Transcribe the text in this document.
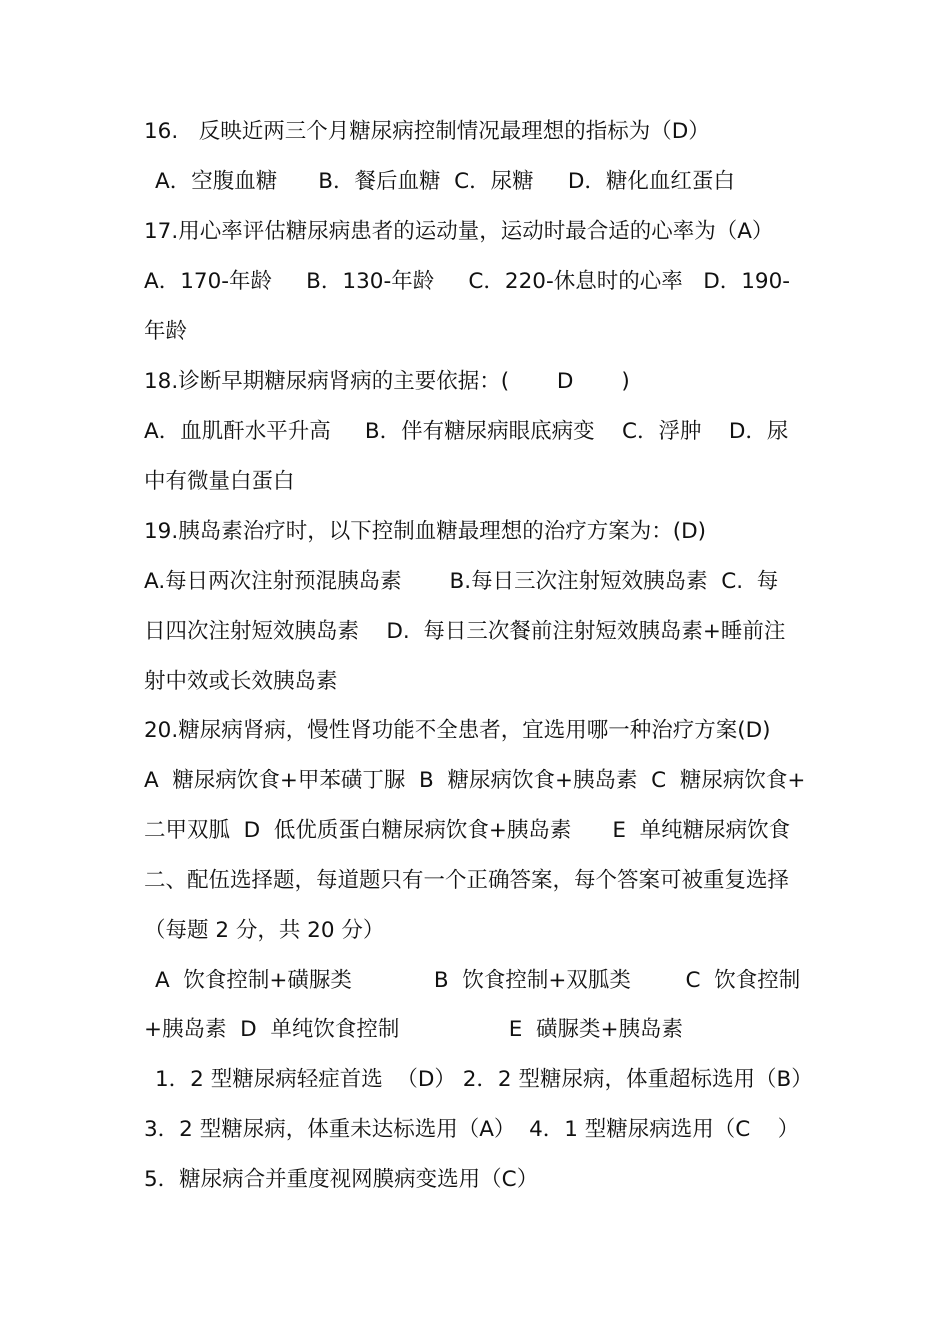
16.   反映近两三个月糖尿病控制情况最理想的指标为（D）
A．空腹血糖      B．餐后血糖  C．尿糖     D．糖化血红蛋白
17.用心率评估糖尿病患者的运动量，运动时最合适的心率为（A）
A．170-年龄     B．130-年龄     C．220-休息时的心率   D．190-
年龄
18.诊断早期糖尿病肾病的主要依据：(       D       )
A．血肌酐水平升高     B．伴有糖尿病眼底病变    C．浮肿    D．尿
中有微量白蛋白
19.胰岛素治疗时，以下控制血糖最理想的治疗方案为：(D)
A.每日两次注射预混胰岛素       B.每日三次注射短效胰岛素  C.  每
日四次注射短效胰岛素    D.  每日三次餐前注射短效胰岛素+睡前注
射中效或长效胰岛素
20.糖尿病肾病，慢性肾功能不全患者，宜选用哪一种治疗方案(D)
A  糖尿病饮食+甲苯磺丁脲  B  糖尿病饮食+胰岛素  C  糖尿病饮食+
二甲双胍  D  低优质蛋白糖尿病饮食+胰岛素      E  单纯糖尿病饮食
二、配伍选择题，每道题只有一个正确答案，每个答案可被重复选择
（每题 2 分，共 20 分）
A  饮食控制+磺脲类            B  饮食控制+双胍类        C  饮食控制
+胰岛素  D  单纯饮食控制                E  磺脲类+胰岛素
1．2 型糖尿病轻症首选  （D） 2．2 型糖尿病，体重超标选用（B）
3．2 型糖尿病，体重未达标选用（A）  4．1 型糖尿病选用（C    ）
5．糖尿病合并重度视网膜病变选用（C）
